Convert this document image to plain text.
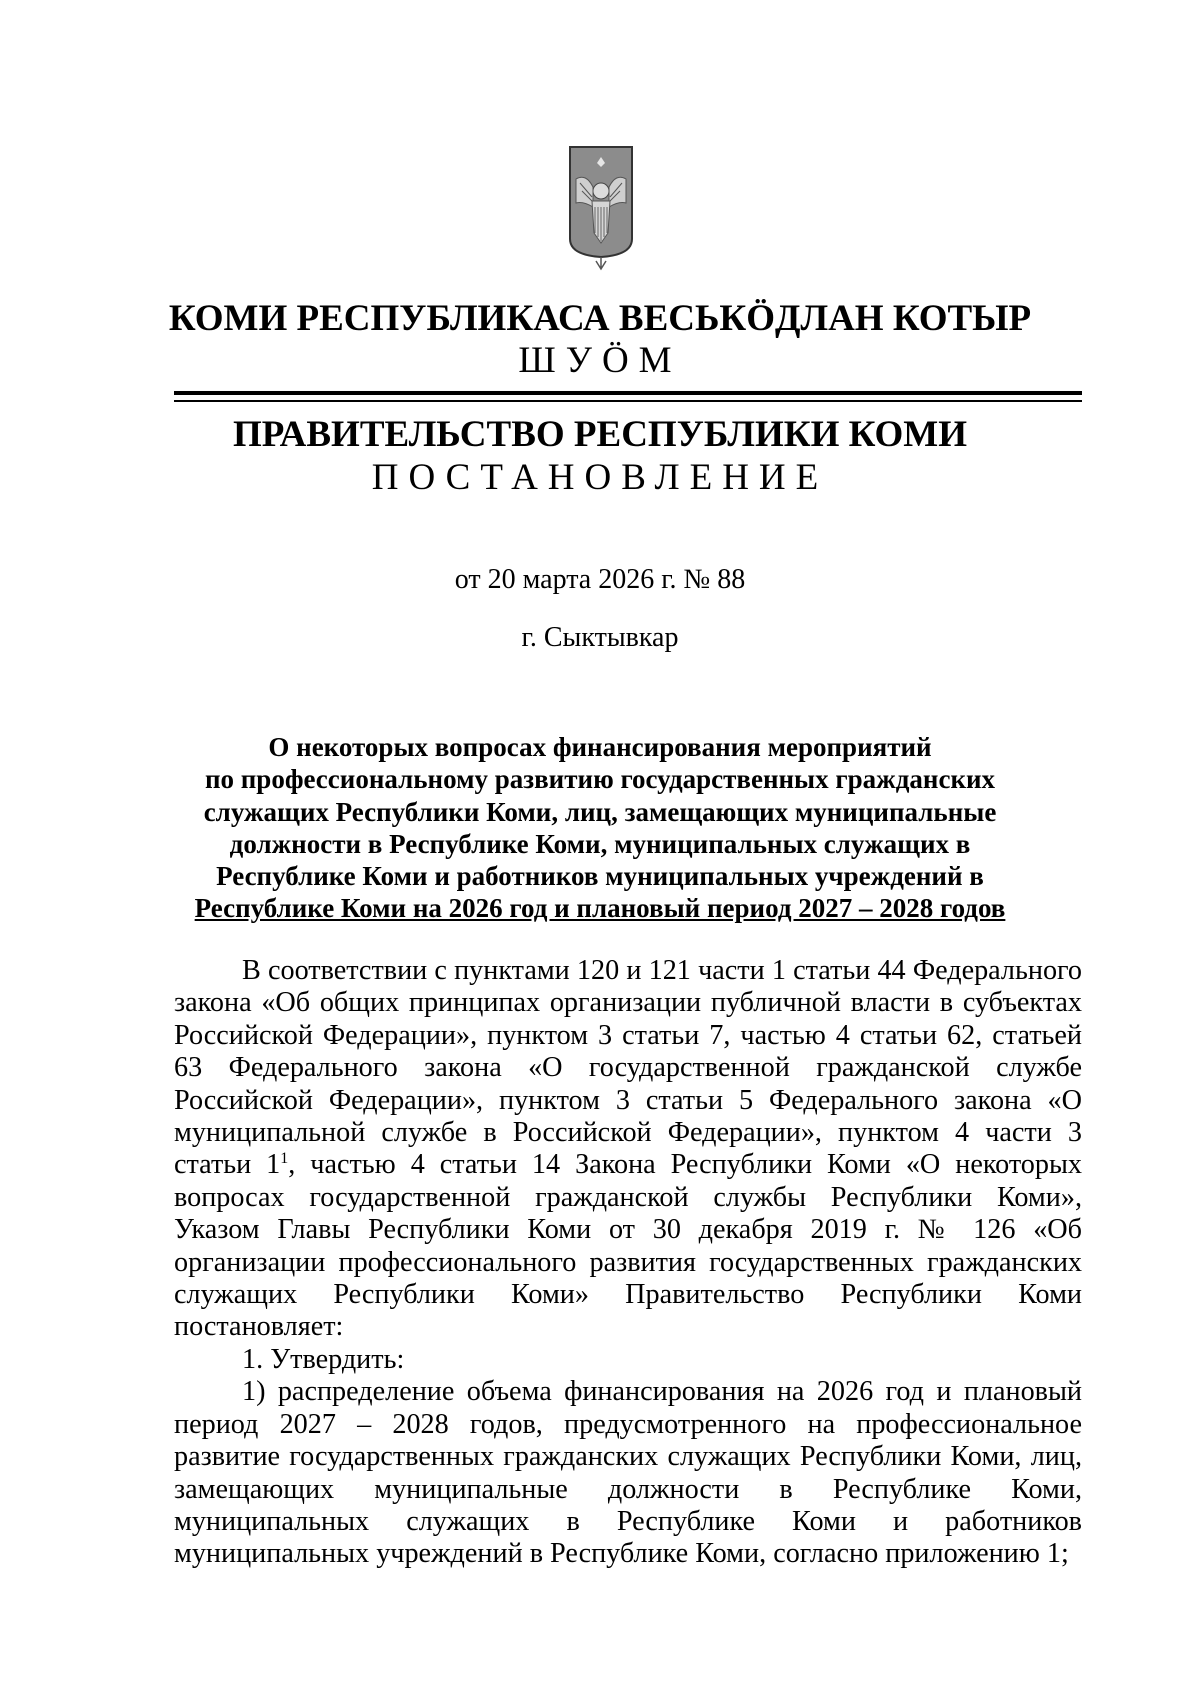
КОМИ РЕСПУБЛИКАСА ВЕСЬКӦДЛАН КОТЫР
ШУӦМ
ПРАВИТЕЛЬСТВО РЕСПУБЛИКИ КОМИ
ПОСТАНОВЛЕНИЕ
от 20 марта 2026 г. № 88
г. Сыктывкар
О некоторых вопросах финансирования мероприятий
по профессиональному развитию государственных гражданских
служащих Республики Коми, лиц, замещающих муниципальные
должности в Республике Коми, муниципальных служащих в
Республике Коми и работников муниципальных учреждений в
Республике Коми на 2026 год и плановый период 2027 – 2028 годов

В соответствии с пунктами 120 и 121 части 1 статьи 44 Федерального закона «Об общих принципах организации публичной власти в субъектах Российской Федерации», пунктом 3 статьи 7, частью 4 статьи 62, статьей 63 Федерального закона «О государственной гражданской службе Российской Федерации», пунктом 3 статьи 5 Федерального закона «О муниципальной службе в Российской Федерации», пунктом 4 части 3 статьи $1^1$, частью 4 статьи 14 Закона Республики Коми «О некоторых вопросах государственной гражданской службы Республики Коми», Указом Главы Республики Коми от 30 декабря 2019 г. № 126 «Об организации профессионального развития государственных гражданских служащих Республики Коми» Правительство Республики Коми постановляет:

1. Утвердить:

1) распределение объема финансирования на 2026 год и плановый период 2027 – 2028 годов, предусмотренного на профессиональное развитие государственных гражданских служащих Республики Коми, лиц, замещающих муниципальные должности в Республике Коми, муниципальных служащих в Республике Коми и работников муниципальных учреждений в Республике Коми, согласно приложению 1;
